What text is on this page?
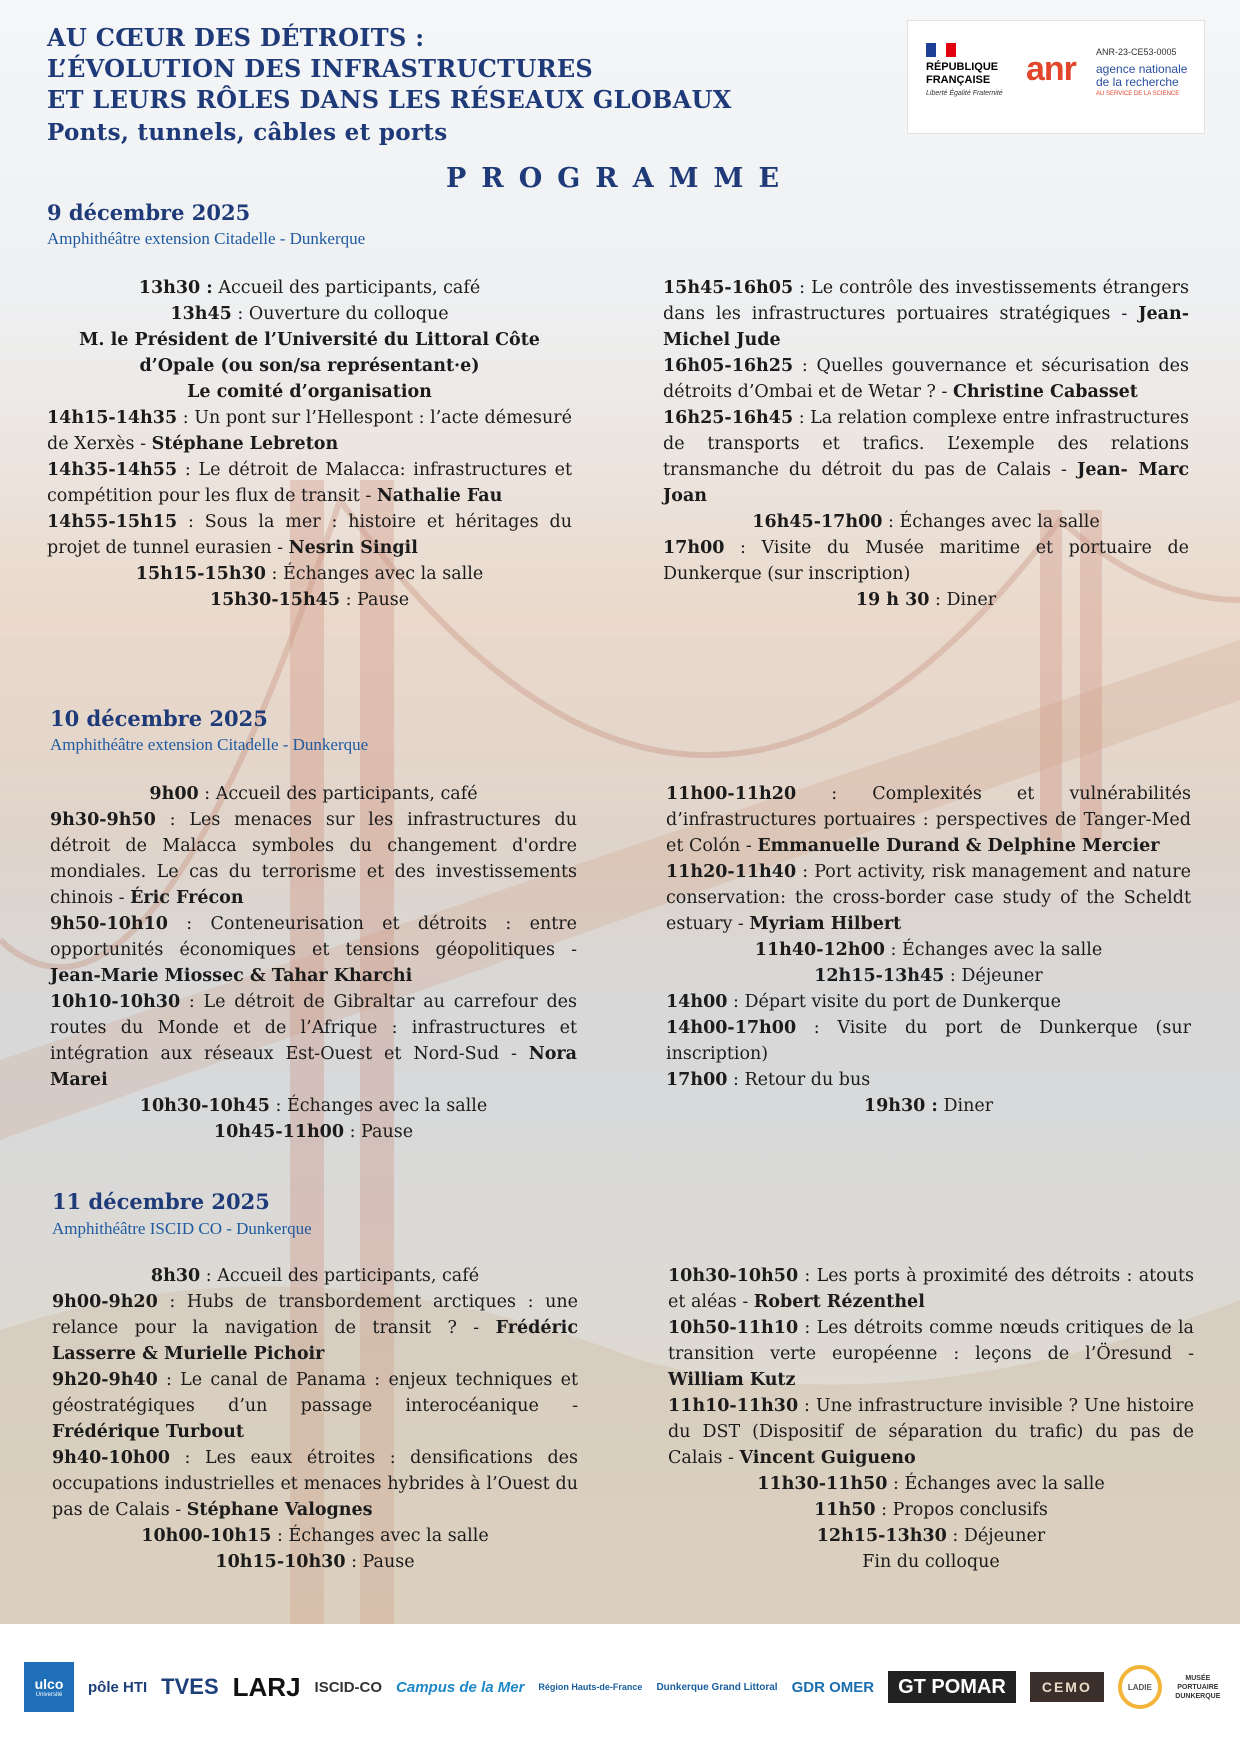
AU CŒUR DES DÉTROITS :
L’ÉVOLUTION DES INFRASTRUCTURES
ET LEURS RÔLES DANS LES RÉSEAUX GLOBAUX
Ponts, tunnels, câbles et ports
RÉPUBLIQUE FRANÇAISE
Liberté Égalité Fraternité
anr ANR-23-CE53-0005
agence nationale de la recherche
AU SERVICE DE LA SCIENCE
PROGRAMME
9 décembre 2025
Amphithéâtre extension Citadelle - Dunkerque

13h30 : Accueil des participants, café

13h45 : Ouverture du colloque

M. le Président de l’Université du Littoral Côte d’Opale (ou son/sa représentant·e)

Le comité d’organisation

14h15-14h35 : Un pont sur l’Hellespont : l’acte démesuré de Xerxès - Stéphane Lebreton

14h35-14h55 : Le détroit de Malacca: infrastructures et compétition pour les flux de transit - Nathalie Fau

14h55-15h15 : Sous la mer : histoire et héritages du projet de tunnel eurasien - Nesrin Singil

15h15-15h30 : Échanges avec la salle

15h30-15h45 : Pause

15h45-16h05 : Le contrôle des investissements étrangers dans les infrastructures portuaires stratégiques - Jean-Michel Jude

16h05-16h25 : Quelles gouvernance et sécurisation des détroits d’Ombai et de Wetar ? - Christine Cabasset

16h25-16h45 : La relation complexe entre infrastructures de transports et trafics. L’exemple des relations transmanche du détroit du pas de Calais - Jean- Marc Joan

16h45-17h00 : Échanges avec la salle

17h00 : Visite du Musée maritime et portuaire de Dunkerque (sur inscription)

19 h 30 : Diner

10 décembre 2025
Amphithéâtre extension Citadelle - Dunkerque

9h00 : Accueil des participants, café

9h30-9h50 : Les menaces sur les infrastructures du détroit de Malacca symboles du changement d'ordre mondiales. Le cas du terrorisme et des investissements chinois - Éric Frécon

9h50-10h10 : Conteneurisation et détroits : entre opportunités économiques et tensions géopolitiques - Jean-Marie Miossec & Tahar Kharchi

10h10-10h30 : Le détroit de Gibraltar au carrefour des routes du Monde et de l’Afrique : infrastructures et intégration aux réseaux Est-Ouest et Nord-Sud - Nora Marei

10h30-10h45 : Échanges avec la salle

10h45-11h00 : Pause

11h00-11h20 : Complexités et vulnérabilités d’infrastructures portuaires : perspectives de Tanger-Med et Colón - Emmanuelle Durand & Delphine Mercier

11h20-11h40 : Port activity, risk management and nature conservation: the cross-border case study of the Scheldt estuary - Myriam Hilbert

11h40-12h00 : Échanges avec la salle

12h15-13h45 : Déjeuner

14h00 : Départ visite du port de Dunkerque

14h00-17h00 : Visite du port de Dunkerque (sur inscription)

17h00 : Retour du bus

19h30 : Diner

11 décembre 2025
Amphithéâtre ISCID CO - Dunkerque

8h30 : Accueil des participants, café

9h00-9h20 : Hubs de transbordement arctiques : une relance pour la navigation de transit ? - Frédéric Lasserre & Murielle Pichoir

9h20-9h40 : Le canal de Panama : enjeux techniques et géostratégiques d’un passage interocéanique - Frédérique Turbout

9h40-10h00 : Les eaux étroites : densifications des occupations industrielles et menaces hybrides à l’Ouest du pas de Calais - Stéphane Valognes

10h00-10h15 : Échanges avec la salle

10h15-10h30 : Pause

10h30-10h50 : Les ports à proximité des détroits : atouts et aléas - Robert Rézenthel

10h50-11h10 : Les détroits comme nœuds critiques de la transition verte européenne : leçons de l’Öresund - William Kutz

11h10-11h30 : Une infrastructure invisible ? Une histoire du DST (Dispositif de séparation du trafic) du pas de Calais - Vincent Guigueno

11h30-11h50 : Échanges avec la salle

11h50 : Propos conclusifs

12h15-13h30 : Déjeuner

Fin du colloque

ulco
Université pôle HTI TVES LARJ ISCID-CO Campus de la Mer Région Hauts-de-France Dunkerque Grand Littoral GDR OMER	GT POMAR	CEMO	LADIE
MUSÉE PORTUAIRE DUNKERQUE
